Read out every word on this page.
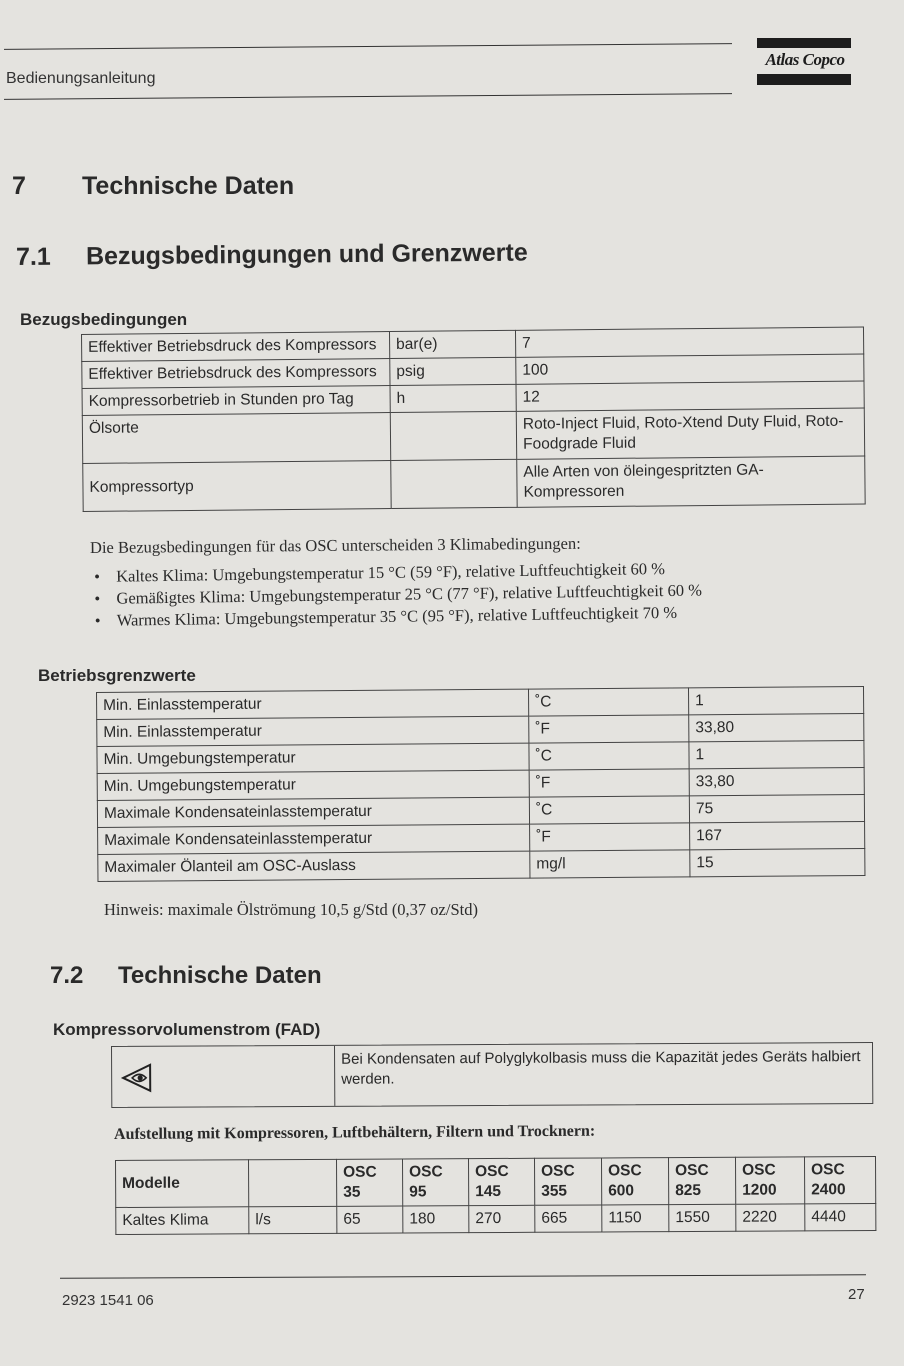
Bedienungsanleitung
Atlas Copco
7 Technische Daten
7.1 Bezugsbedingungen und Grenzwerte
Bezugsbedingungen
Effektiver Betriebsdruck des Kompressors	bar(e)	7
Effektiver Betriebsdruck des Kompressors	psig	100
Kompressorbetrieb in Stunden pro Tag	h	12
Ölsorte		Roto-Inject Fluid, Roto-Xtend Duty Fluid, Roto-Foodgrade Fluid
Kompressortyp		Alle Arten von öleingespritzten GA-Kompressoren
Die Bezugsbedingungen für das OSC unterscheiden 3 Klimabedingungen:
• Kaltes Klima: Umgebungstemperatur 15 °C (59 °F), relative Luftfeuchtigkeit 60 %
• Gemäßigtes Klima: Umgebungstemperatur 25 °C (77 °F), relative Luftfeuchtigkeit 60 %
• Warmes Klima: Umgebungstemperatur 35 °C (95 °F), relative Luftfeuchtigkeit 70 %
Betriebsgrenzwerte
Min. Einlasstemperatur	˚C	1
Min. Einlasstemperatur	˚F	33,80
Min. Umgebungstemperatur	˚C	1
Min. Umgebungstemperatur	˚F	33,80
Maximale Kondensateinlasstemperatur	˚C	75
Maximale Kondensateinlasstemperatur	˚F	167
Maximaler Ölanteil am OSC-Auslass	mg/l	15
Hinweis: maximale Ölströmung 10,5 g/Std (0,37 oz/Std)
7.2 Technische Daten
Kompressorvolumenstrom (FAD)
Bei Kondensaten auf Polyglykolbasis muss die Kapazität jedes Geräts halbiert werden.
Aufstellung mit Kompressoren, Luftbehältern, Filtern und Trocknern:
Modelle		OSC 35	OSC 95	OSC 145	OSC 355	OSC 600	OSC 825	OSC 1200	OSC 2400
Kaltes Klima	l/s	65	180	270	665	1150	1550	2220	4440
2923 1541 06	27
